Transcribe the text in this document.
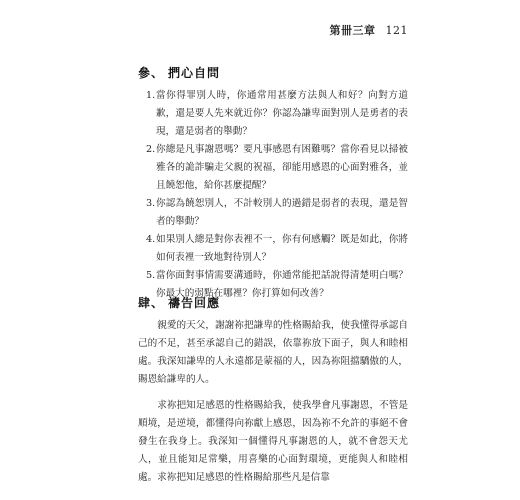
第卌三章 121
參、 捫心自問
1. 當你得罪別人時，你通常用甚麼方法與人和好？向對方道歉，還是要人先來就近你？你認為謙卑面對別人是勇者的表現，還是弱者的舉動？
2. 你總是凡事謝恩嗎？要凡事感恩有困難嗎？當你看見以掃被雅各的詭詐騙走父親的祝福，卻能用感恩的心面對雅各，並且饒恕他，給你甚麼提醒？
3. 你認為饒恕別人，不計較別人的過錯是弱者的表現，還是智者的舉動？
4. 如果別人總是對你表裡不一，你有何感觸？既是如此，你將如何表裡一致地對待別人？
5. 當你面對事情需要溝通時，你通常能把話說得清楚明白嗎？你最大的弱點在哪裡？你打算如何改善？
肆、 禱告回應

親愛的天父，謝謝祢把謙卑的性格賜給我，使我懂得承認自己的不足，甚至承認自己的錯誤，依靠祢放下面子，與人和睦相處。我深知謙卑的人永遠都是蒙福的人，因為祢阻擋驕傲的人，賜恩給謙卑的人。

求祢把知足感恩的性格賜給我，使我學會凡事謝恩，不管是順境，是逆境，都懂得向祢獻上感恩，因為祢不允許的事絕不會發生在我身上。我深知一個懂得凡事謝恩的人，就不會怨天尤人，並且能知足常樂，用喜樂的心面對環境，更能與人和睦相處。求祢把知足感恩的性格賜給那些凡是信靠
